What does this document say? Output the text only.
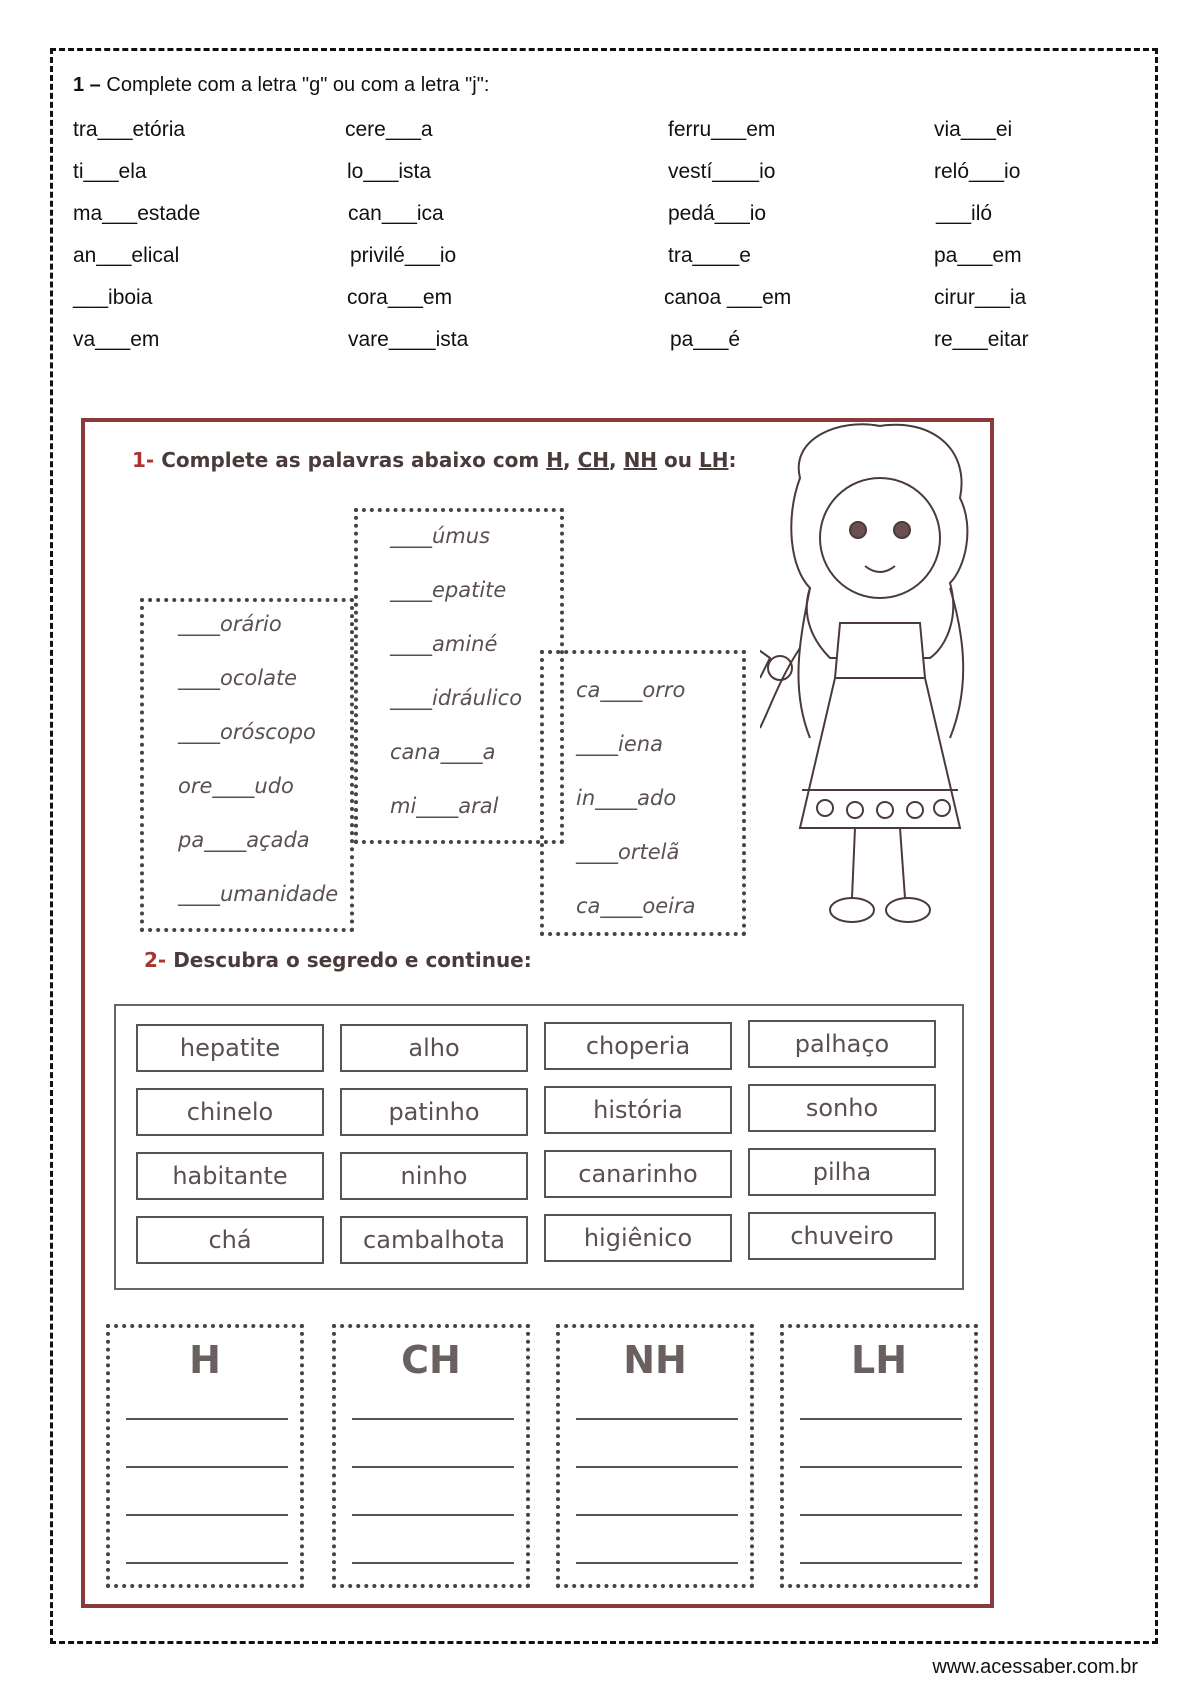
1 – Complete com a letra "g" ou com a letra "j":
tra___etória	cere___a	ferru___em	via___ei
ti___ela	lo___ista	vestí____io	reló___io
ma___estade	can___ica	pedá___io	___iló
an___elical	privilé___io	tra____e	pa___em
___iboia	cora___em	canoa ___em	cirur___ia
va___em	vare____ista	pa___é	re___eitar
1- Complete as palavras abaixo com H, CH, NH ou LH:
____orário
____ocolate
____oróscopo
ore____udo
pa____açada
____umanidade
____úmus
____epatite
____aminé
____idráulico
cana____a
mi____aral
ca____orro
____iena
in____ado
____ortelã
ca____oeira
2- Descubra o segredo e continue:
hepatite	alho	choperia	palhaço
chinelo	patinho	história	sonho
habitante	ninho	canarinho	pilha
chá	cambalhota	higiênico	chuveiro
H	CH	NH	LH
www.acessaber.com.br
